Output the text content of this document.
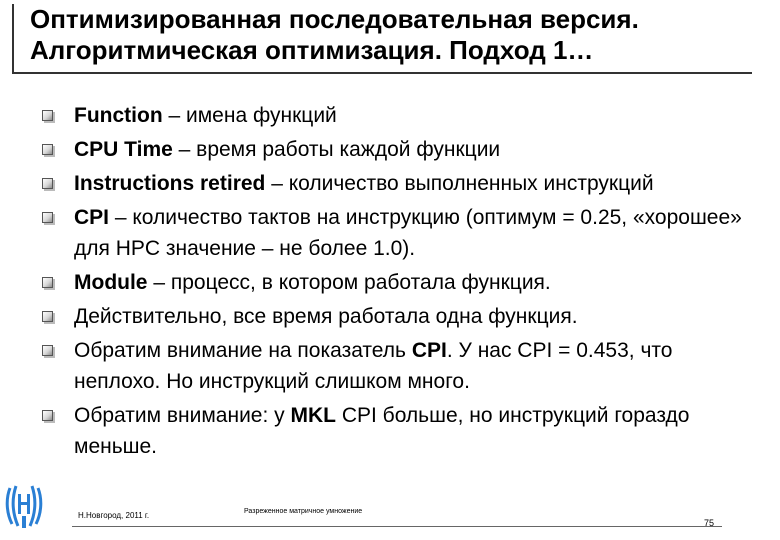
Оптимизированная последовательная версия.
Алгоритмическая оптимизация. Подход 1…
Function – имена функций
CPU Time – время работы каждой функции
Instructions retired – количество выполненных инструкций
CPI – количество тактов на инструкцию (оптимум = 0.25, «хорошее» для HPC значение – не более 1.0).
Module – процесс, в котором работала функция.
Действительно, все время работала одна функция.
Обратим внимание на показатель CPI. У нас CPI = 0.453, что неплохо. Но инструкций слишком много.
Обратим внимание: у MKL CPI больше, но инструкций гораздо меньше.
Н.Новгород, 2011 г.	Разреженное матричное умножение
75
